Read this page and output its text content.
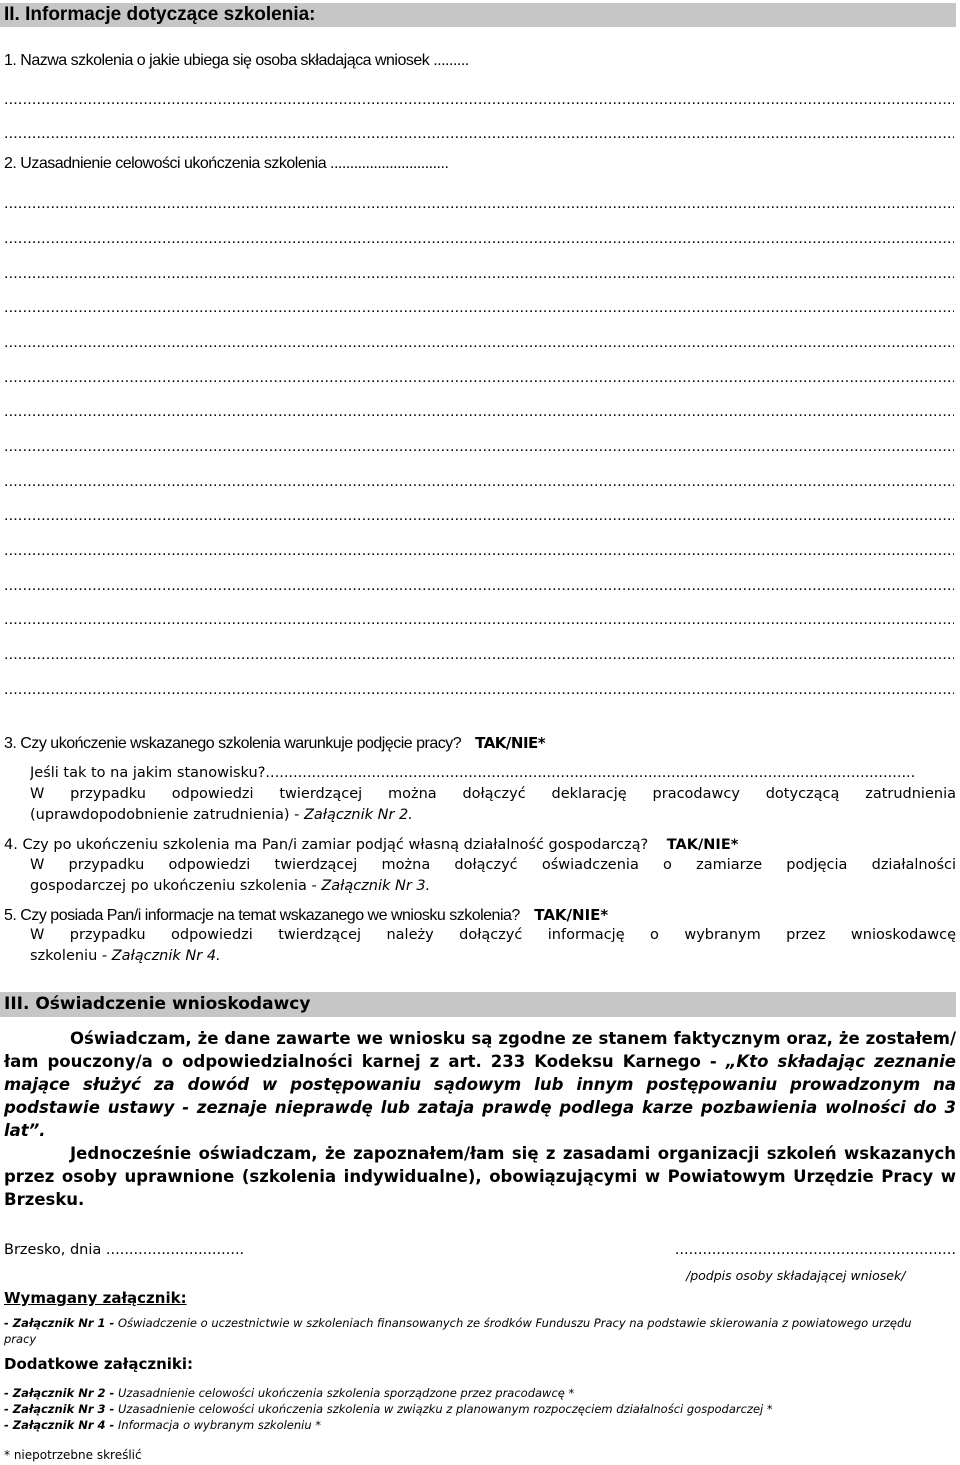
II. Informacje dotyczące szkolenia:
1. Nazwa szkolenia o jakie ubiega się osoba składająca wniosek .........
.....
.....
2. Uzasadnienie celowości ukończenia szkolenia ..............................
.....
.....
.....
.....
.....
.....
.....
.....
.....
.....
.....
.....
.....
.....
.....
3. Czy ukończenie wskazanego szkolenia warunkuje podjęcie pracy? TAK/NIE*
Jeśli tak to na jakim stanowisku?.............................................................................................................................................
W przypadku odpowiedzi twierdzącej można dołączyć deklarację pracodawcy dotyczącą zatrudnienia
(uprawdopodobnienie zatrudnienia) - Załącznik Nr 2.
4. Czy po ukończeniu szkolenia ma Pan/i zamiar podjąć własną działalność gospodarczą? TAK/NIE*
W przypadku odpowiedzi twierdzącej można dołączyć oświadczenia o zamiarze podjęcia działalności
gospodarczej po ukończeniu szkolenia - Załącznik Nr 3.
5. Czy posiada Pan/i informacje na temat wskazanego we wniosku szkolenia? TAK/NIE*
W przypadku odpowiedzi twierdzącej należy dołączyć informację o wybranym przez wnioskodawcę
szkoleniu - Załącznik Nr 4.
III. Oświadczenie wnioskodawcy
Oświadczam, że dane zawarte we wniosku są zgodne ze stanem faktycznym oraz, że zostałem/łam pouczony/a o odpowiedzialności karnej z art. 233 Kodeksu Karnego - „Kto składając zeznanie mające służyć za dowód w postępowaniu sądowym lub innym postępowaniu prowadzonym na podstawie ustawy - zeznaje nieprawdę lub zataja prawdę podlega karze pozbawienia wolności do 3 lat”.
Jednocześnie oświadczam, że zapoznałem/łam się z zasadami organizacji szkoleń wskazanych przez osoby uprawnione (szkolenia indywidualne), obowiązującymi w Powiatowym Urzędzie Pracy w Brzesku.
Brzesko, dnia ..............................	.............................................................
/podpis osoby składającej wniosek/
Wymagany załącznik:
- Załącznik Nr 1 - Oświadczenie o uczestnictwie w szkoleniach finansowanych ze środków Funduszu Pracy na podstawie skierowania z powiatowego urzędu pracy
Dodatkowe załączniki:
- Załącznik Nr 2 - Uzasadnienie celowości ukończenia szkolenia sporządzone przez pracodawcę *
- Załącznik Nr 3 - Uzasadnienie celowości ukończenia szkolenia w związku z planowanym rozpoczęciem działalności gospodarczej *
- Załącznik Nr 4 - Informacja o wybranym szkoleniu *
* niepotrzebne skreślić
